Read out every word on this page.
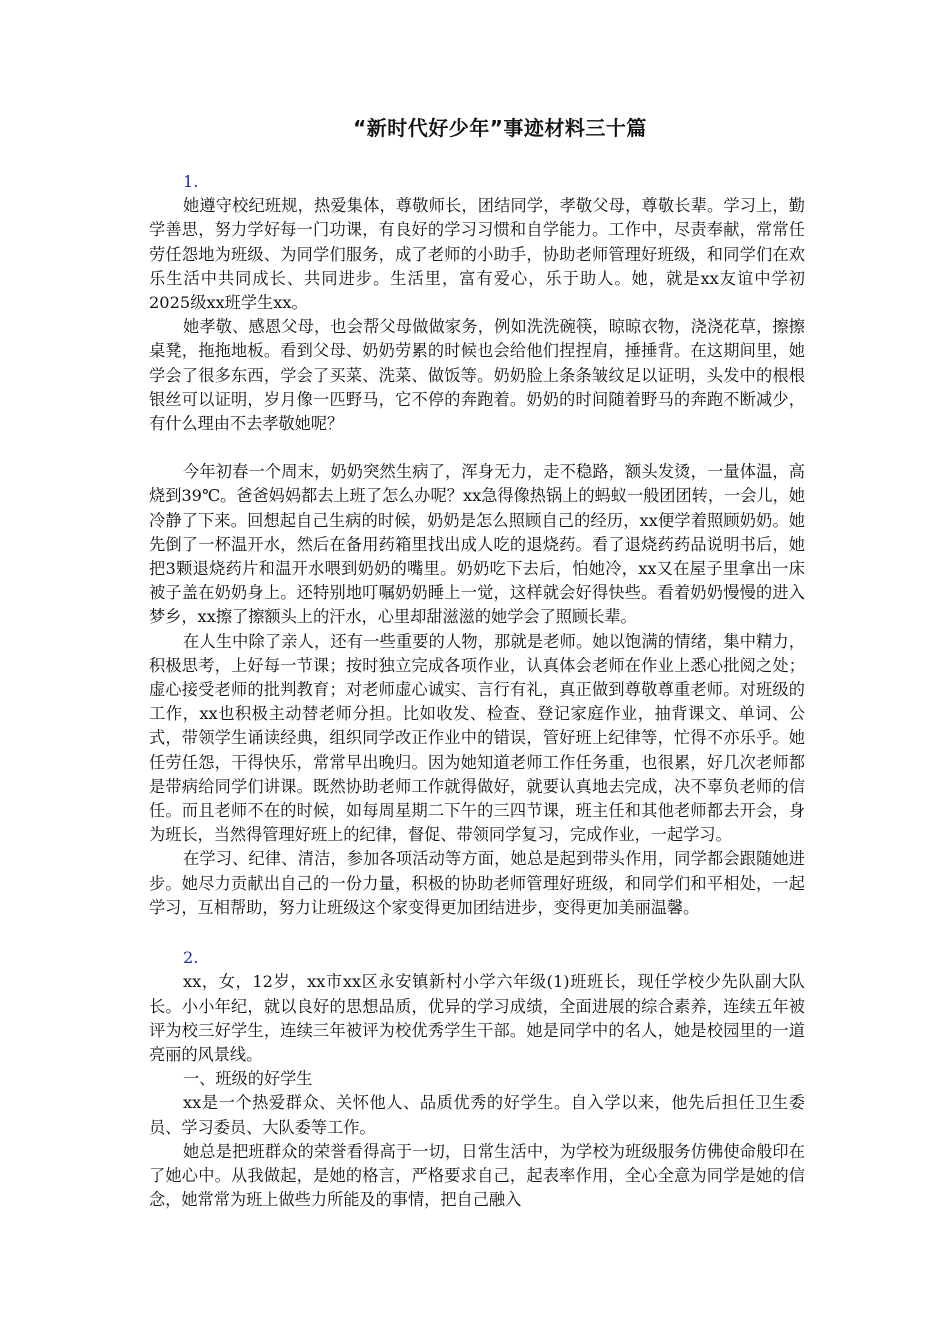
“新时代好少年”事迹材料三十篇

1.

她遵守校纪班规，热爱集体，尊敬师长，团结同学，孝敬父母，尊敬长辈。学习上，勤学善思，努力学好每一门功课，有良好的学习习惯和自学能力。工作中，尽责奉献，常常任劳任怨地为班级、为同学们服务，成了老师的小助手，协助老师管理好班级，和同学们在欢乐生活中共同成长、共同进步。生活里，富有爱心，乐于助人。她，就是xx友谊中学初2025级xx班学生xx。

她孝敬、感恩父母，也会帮父母做做家务，例如洗洗碗筷，晾晾衣物，浇浇花草，擦擦桌凳，拖拖地板。看到父母、奶奶劳累的时候也会给他们捏捏肩，捶捶背。在这期间里，她学会了很多东西，学会了买菜、洗菜、做饭等。奶奶脸上条条皱纹足以证明，头发中的根根银丝可以证明，岁月像一匹野马，它不停的奔跑着。奶奶的时间随着野马的奔跑不断减少，有什么理由不去孝敬她呢？

今年初春一个周末，奶奶突然生病了，浑身无力，走不稳路，额头发烫，一量体温，高烧到39℃。爸爸妈妈都去上班了怎么办呢？xx急得像热锅上的蚂蚁一般团团转，一会儿，她冷静了下来。回想起自己生病的时候，奶奶是怎么照顾自己的经历，xx便学着照顾奶奶。她先倒了一杯温开水，然后在备用药箱里找出成人吃的退烧药。看了退烧药药品说明书后，她把3颗退烧药片和温开水喂到奶奶的嘴里。奶奶吃下去后，怕她冷，xx又在屋子里拿出一床被子盖在奶奶身上。还特别地叮嘱奶奶睡上一觉，这样就会好得快些。看着奶奶慢慢的进入梦乡，xx擦了擦额头上的汗水，心里却甜滋滋的她学会了照顾长辈。

在人生中除了亲人，还有一些重要的人物，那就是老师。她以饱满的情绪，集中精力，积极思考，上好每一节课；按时独立完成各项作业，认真体会老师在作业上悉心批阅之处；虚心接受老师的批判教育；对老师虚心诚实、言行有礼，真正做到尊敬尊重老师。对班级的工作，xx也积极主动替老师分担。比如收发、检查、登记家庭作业，抽背课文、单词、公式，带领学生诵读经典，组织同学改正作业中的错误，管好班上纪律等，忙得不亦乐乎。她任劳任怨，干得快乐，常常早出晚归。因为她知道老师工作任务重，也很累，好几次老师都是带病给同学们讲课。既然协助老师工作就得做好，就要认真地去完成，决不辜负老师的信任。而且老师不在的时候，如每周星期二下午的三四节课，班主任和其他老师都去开会，身为班长，当然得管理好班上的纪律，督促、带领同学复习，完成作业，一起学习。

在学习、纪律、清洁，参加各项活动等方面，她总是起到带头作用，同学都会跟随她进步。她尽力贡献出自己的一份力量，积极的协助老师管理好班级，和同学们和平相处，一起学习，互相帮助，努力让班级这个家变得更加团结进步，变得更加美丽温馨。

2.

xx，女，12岁，xx市xx区永安镇新村小学六年级(1)班班长，现任学校少先队副大队长。小小年纪，就以良好的思想品质，优异的学习成绩，全面进展的综合素养，连续五年被评为校三好学生，连续三年被评为校优秀学生干部。她是同学中的名人，她是校园里的一道亮丽的风景线。

一、班级的好学生

xx是一个热爱群众、关怀他人、品质优秀的好学生。自入学以来，他先后担任卫生委员、学习委员、大队委等工作。

她总是把班群众的荣誉看得高于一切，日常生活中，为学校为班级服务仿佛使命般印在了她心中。从我做起，是她的格言，严格要求自己，起表率作用，全心全意为同学是她的信念，她常常为班上做些力所能及的事情，把自己融入
